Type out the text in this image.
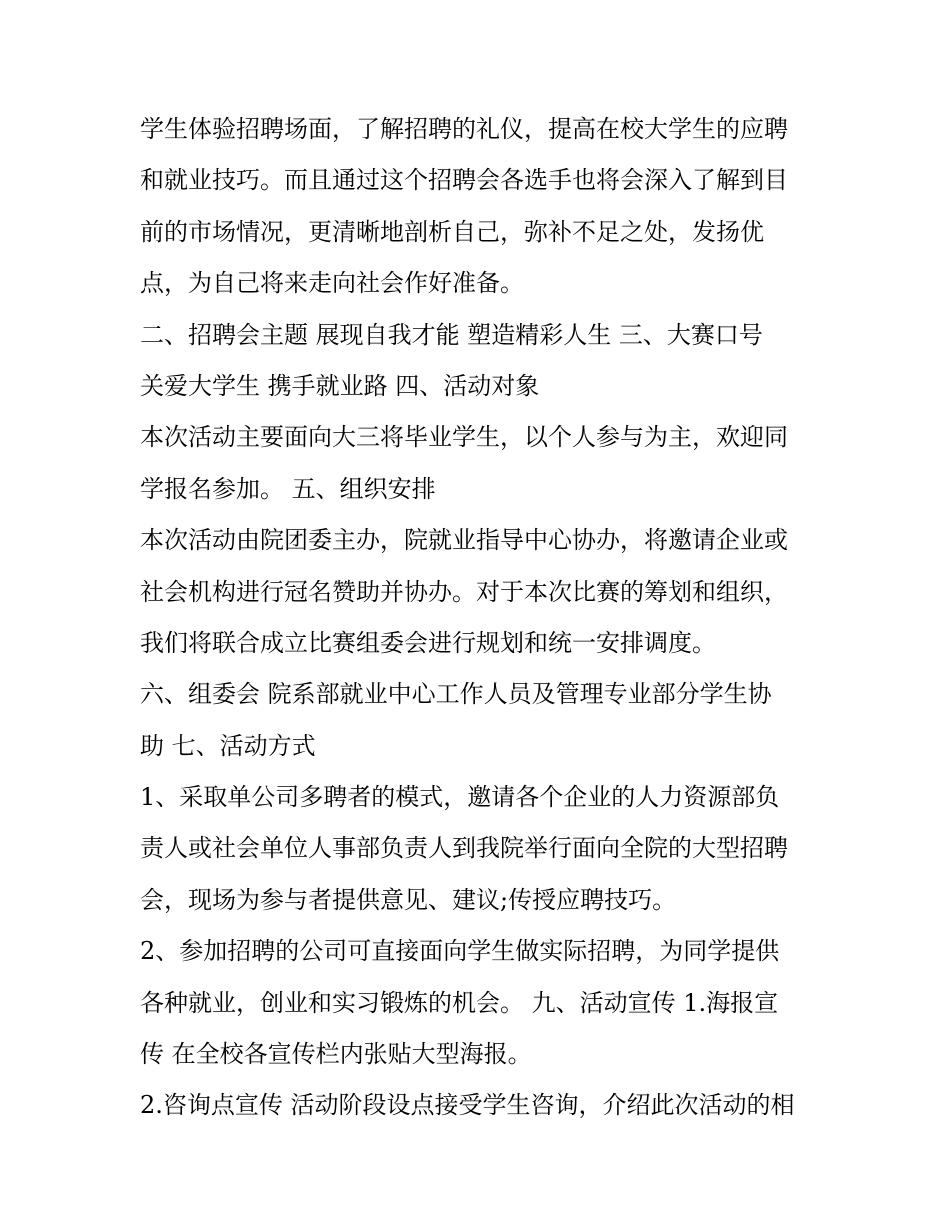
学生体验招聘场面，了解招聘的礼仪，提高在校大学生的应聘

和就业技巧。而且通过这个招聘会各选手也将会深入了解到目

前的市场情况，更清晰地剖析自己，弥补不足之处，发扬优

点，为自己将来走向社会作好准备。

二、招聘会主题 展现自我才能 塑造精彩人生 三、大赛口号

关爱大学生 携手就业路 四、活动对象

本次活动主要面向大三将毕业学生，以个人参与为主，欢迎同

学报名参加。 五、组织安排

本次活动由院团委主办，院就业指导中心协办，将邀请企业或

社会机构进行冠名赞助并协办。对于本次比赛的筹划和组织，

我们将联合成立比赛组委会进行规划和统一安排调度。

六、组委会 院系部就业中心工作人员及管理专业部分学生协

助 七、活动方式

1、采取单公司多聘者的模式，邀请各个企业的人力资源部负

责人或社会单位人事部负责人到我院举行面向全院的大型招聘

会，现场为参与者提供意见、建议;传授应聘技巧。

2、参加招聘的公司可直接面向学生做实际招聘，为同学提供

各种就业，创业和实习锻炼的机会。 九、活动宣传 1.海报宣

传 在全校各宣传栏内张贴大型海报。

2.咨询点宣传 活动阶段设点接受学生咨询，介绍此次活动的相
